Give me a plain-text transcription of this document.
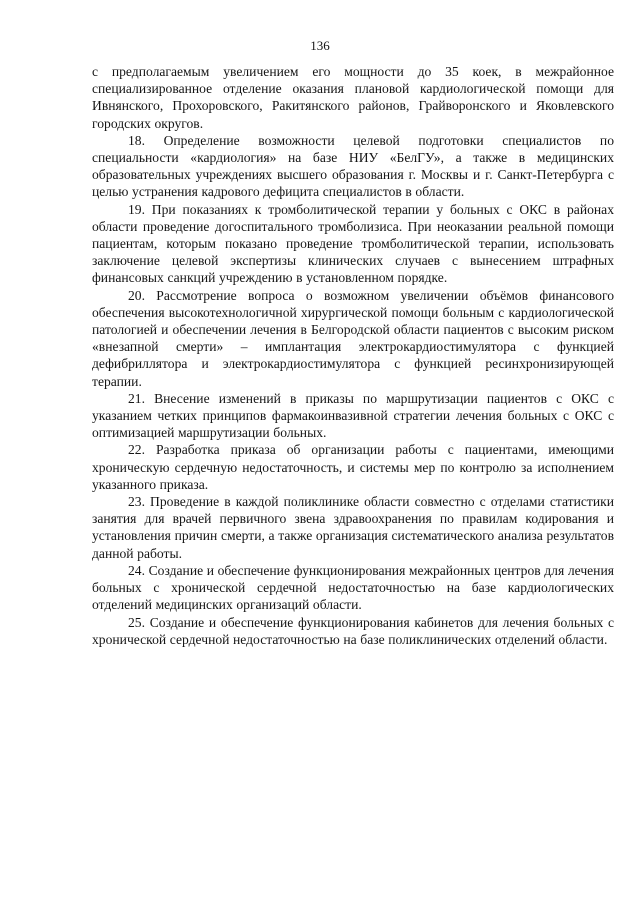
136

с предполагаемым увеличением его мощности до 35 коек, в межрайонное специализированное отделение оказания плановой кардиологической помощи для Ивнянского, Прохоровского, Ракитянского районов, Грайворонского и Яковлевского городских округов.

18. Определение возможности целевой подготовки специалистов по специальности «кардиология» на базе НИУ «БелГУ», а также в медицинских образовательных учреждениях высшего образования г. Москвы и г. Санкт-Петербурга с целью устранения кадрового дефицита специалистов в области.

19. При показаниях к тромболитической терапии у больных с ОКС в районах области проведение догоспитального тромболизиса. При неоказании реальной помощи пациентам, которым показано проведение тромболитической терапии, использовать заключение целевой экспертизы клинических случаев с вынесением штрафных финансовых санкций учреждению в установленном порядке.

20. Рассмотрение вопроса о возможном увеличении объёмов финансового обеспечения высокотехнологичной хирургической помощи больным с кардиологической патологией и обеспечении лечения в Белгородской области пациентов с высоким риском «внезапной смерти» – имплантация электрокардиостимулятора с функцией дефибриллятора и электрокардиостимулятора с функцией ресинхронизирующей терапии.

21. Внесение изменений в приказы по маршрутизации пациентов с ОКС с указанием четких принципов фармакоинвазивной стратегии лечения больных с ОКС с оптимизацией маршрутизации больных.

22. Разработка приказа об организации работы с пациентами, имеющими хроническую сердечную недостаточность, и системы мер по контролю за исполнением указанного приказа.

23. Проведение в каждой поликлинике области совместно с отделами статистики занятия для врачей первичного звена здравоохранения по правилам кодирования и установления причин смерти, а также организация систематического анализа результатов данной работы.

24. Создание и обеспечение функционирования межрайонных центров для лечения больных с хронической сердечной недостаточностью на базе кардиологических отделений медицинских организаций области.

25. Создание и обеспечение функционирования кабинетов для лечения больных с хронической сердечной недостаточностью на базе поликлинических отделений области.
